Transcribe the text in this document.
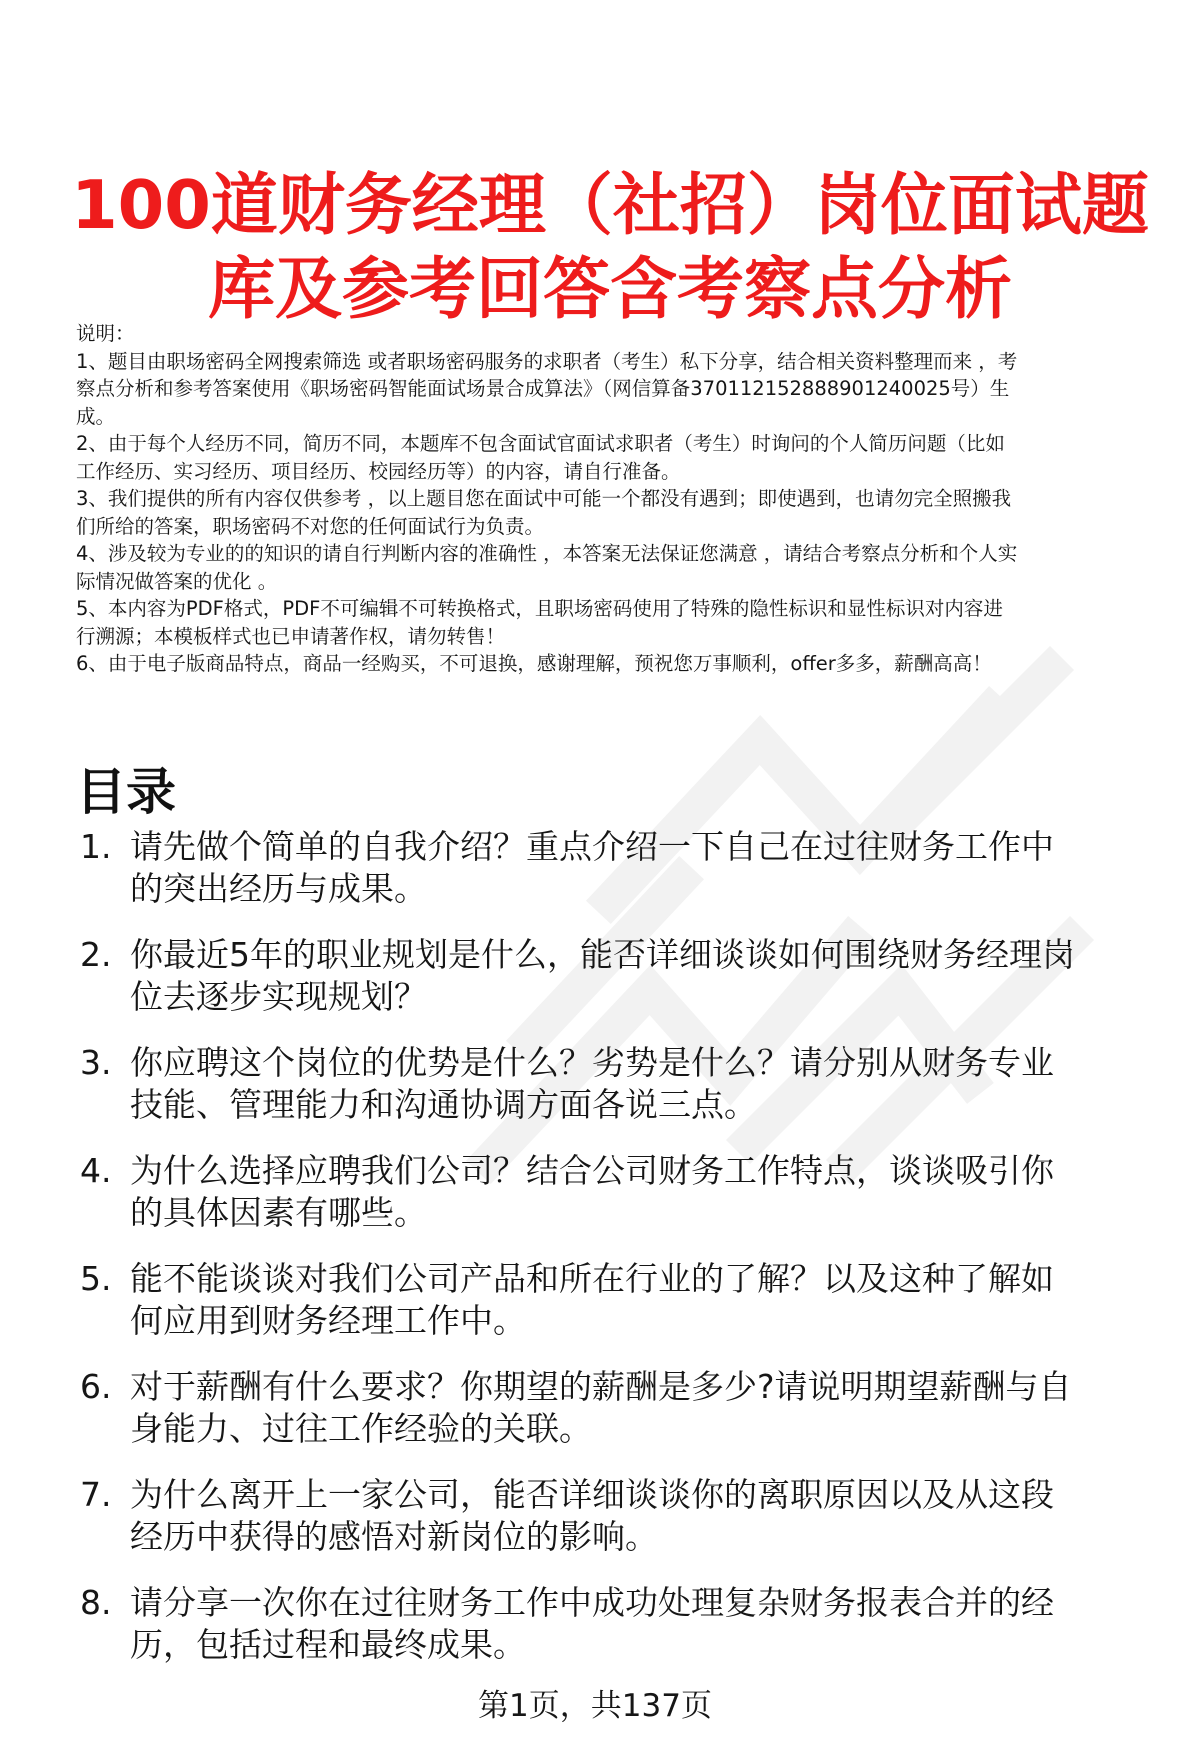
100道财务经理（社招）岗位面试题
库及参考回答含考察点分析
说明：
1、题目由职场密码全网搜索筛选 或者职场密码服务的求职者（考生）私下分享，结合相关资料整理而来 ，考
察点分析和参考答案使用《职场密码智能面试场景合成算法》（网信算备370112152888901240025号）生
成。
2、由于每个人经历不同，简历不同，本题库不包含面试官面试求职者（考生）时询问的个人简历问题（比如
工作经历、实习经历、项目经历、校园经历等）的内容，请自行准备。
3、我们提供的所有内容仅供参考 ，以上题目您在面试中可能一个都没有遇到；即使遇到，也请勿完全照搬我
们所给的答案，职场密码不对您的任何面试行为负责。
4、涉及较为专业的的知识的请自行判断内容的准确性 ，本答案无法保证您满意 ，请结合考察点分析和个人实
际情况做答案的优化 。
5、本内容为PDF格式，PDF不可编辑不可转换格式，且职场密码使用了特殊的隐性标识和显性标识对内容进
行溯源；本模板样式也已申请著作权，请勿转售！
6、由于电子版商品特点，商品一经购买，不可退换，感谢理解，预祝您万事顺利，offer多多，薪酬高高！
目录
1. 请先做个简单的自我介绍？重点介绍一下自己在过往财务工作中
的突出经历与成果。
2. 你最近5年的职业规划是什么，能否详细谈谈如何围绕财务经理岗
位去逐步实现规划？
3. 你应聘这个岗位的优势是什么？劣势是什么？请分别从财务专业
技能、管理能力和沟通协调方面各说三点。
4. 为什么选择应聘我们公司？结合公司财务工作特点，谈谈吸引你
的具体因素有哪些。
5. 能不能谈谈对我们公司产品和所在行业的了解？以及这种了解如
何应用到财务经理工作中。
6. 对于薪酬有什么要求？你期望的薪酬是多少?请说明期望薪酬与自
身能力、过往工作经验的关联。
7. 为什么离开上一家公司，能否详细谈谈你的离职原因以及从这段
经历中获得的感悟对新岗位的影响。
8. 请分享一次你在过往财务工作中成功处理复杂财务报表合并的经
历，包括过程和最终成果。
第1页，共137页
